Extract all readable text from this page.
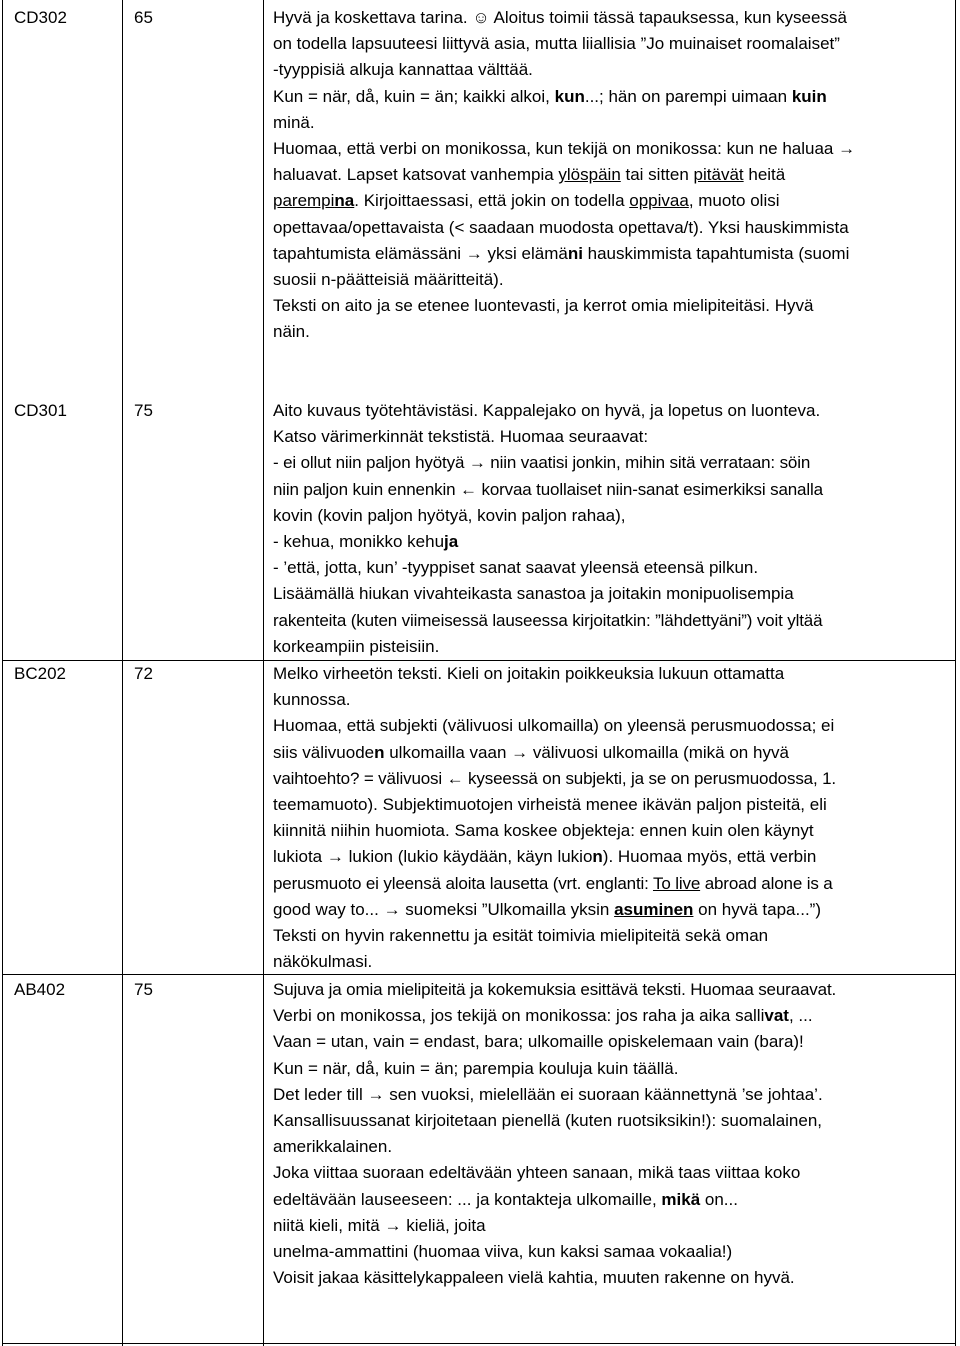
CD302	65	Hyvä ja koskettava tarina. ☺ Aloitus toimii tässä tapauksessa, kun kyseessä
on todella lapsuuteesi liittyvä asia, mutta liiallisia ”Jo muinaiset roomalaiset”
-tyyppisiä alkuja kannattaa välttää.
Kun = när, då, kuin = än; kaikki alkoi, kun...; hän on parempi uimaan kuin
minä.
Huomaa, että verbi on monikossa, kun tekijä on monikossa: kun ne haluaa →
haluavat. Lapset katsovat vanhempia ylöspäin tai sitten pitävät heitä
parempina. Kirjoittaessasi, että jokin on todella oppivaa, muoto olisi
opettavaa/opettavaista (< saadaan muodosta opettava/t). Yksi hauskimmista
tapahtumista elämässäni → yksi elämäni hauskimmista tapahtumista (suomi
suosii n-päätteisiä määritteitä).
Teksti on aito ja se etenee luontevasti, ja kerrot omia mielipiteitäsi. Hyvä
näin.
CD301	75	Aito kuvaus työtehtävistäsi. Kappalejako on hyvä, ja lopetus on luonteva.
Katso värimerkinnät tekstistä. Huomaa seuraavat:
- ei ollut niin paljon hyötyä → niin vaatisi jonkin, mihin sitä verrataan: söin
niin paljon kuin ennenkin ← korvaa tuollaiset niin-sanat esimerkiksi sanalla
kovin (kovin paljon hyötyä, kovin paljon rahaa),
- kehua, monikko kehuja
- ’että, jotta, kun’ -tyyppiset sanat saavat yleensä eteensä pilkun.
Lisäämällä hiukan vivahteikasta sanastoa ja joitakin monipuolisempia
rakenteita (kuten viimeisessä lauseessa kirjoitatkin: ”lähdettyäni”) voit yltää
korkeampiin pisteisiin.
BC202	72	Melko virheetön teksti. Kieli on joitakin poikkeuksia lukuun ottamatta
kunnossa.
Huomaa, että subjekti (välivuosi ulkomailla) on yleensä perusmuodossa; ei
siis välivuoden ulkomailla vaan → välivuosi ulkomailla (mikä on hyvä
vaihtoehto? = välivuosi ← kyseessä on subjekti, ja se on perusmuodossa, 1.
teemamuoto). Subjektimuotojen virheistä menee ikävän paljon pisteitä, eli
kiinnitä niihin huomiota. Sama koskee objekteja: ennen kuin olen käynyt
lukiota → lukion (lukio käydään, käyn lukion). Huomaa myös, että verbin
perusmuoto ei yleensä aloita lausetta (vrt. englanti: To live abroad alone is a
good way to... → suomeksi ”Ulkomailla yksin asuminen on hyvä tapa...”)
Teksti on hyvin rakennettu ja esität toimivia mielipiteitä sekä oman
näkökulmasi.
AB402	75	Sujuva ja omia mielipiteitä ja kokemuksia esittävä teksti. Huomaa seuraavat.
Verbi on monikossa, jos tekijä on monikossa: jos raha ja aika sallivat, ...
Vaan = utan, vain = endast, bara; ulkomaille opiskelemaan vain (bara)!
Kun = när, då, kuin = än; parempia kouluja kuin täällä.
Det leder till → sen vuoksi, mielellään ei suoraan käännettynä ’se johtaa’.
Kansallisuussanat kirjoitetaan pienellä (kuten ruotsiksikin!): suomalainen,
amerikkalainen.
Joka viittaa suoraan edeltävään yhteen sanaan, mikä taas viittaa koko
edeltävään lauseeseen: ... ja kontakteja ulkomaille, mikä on...
niitä kieli, mitä → kieliä, joita
unelma-ammattini (huomaa viiva, kun kaksi samaa vokaalia!)
Voisit jakaa käsittelykappaleen vielä kahtia, muuten rakenne on hyvä.
